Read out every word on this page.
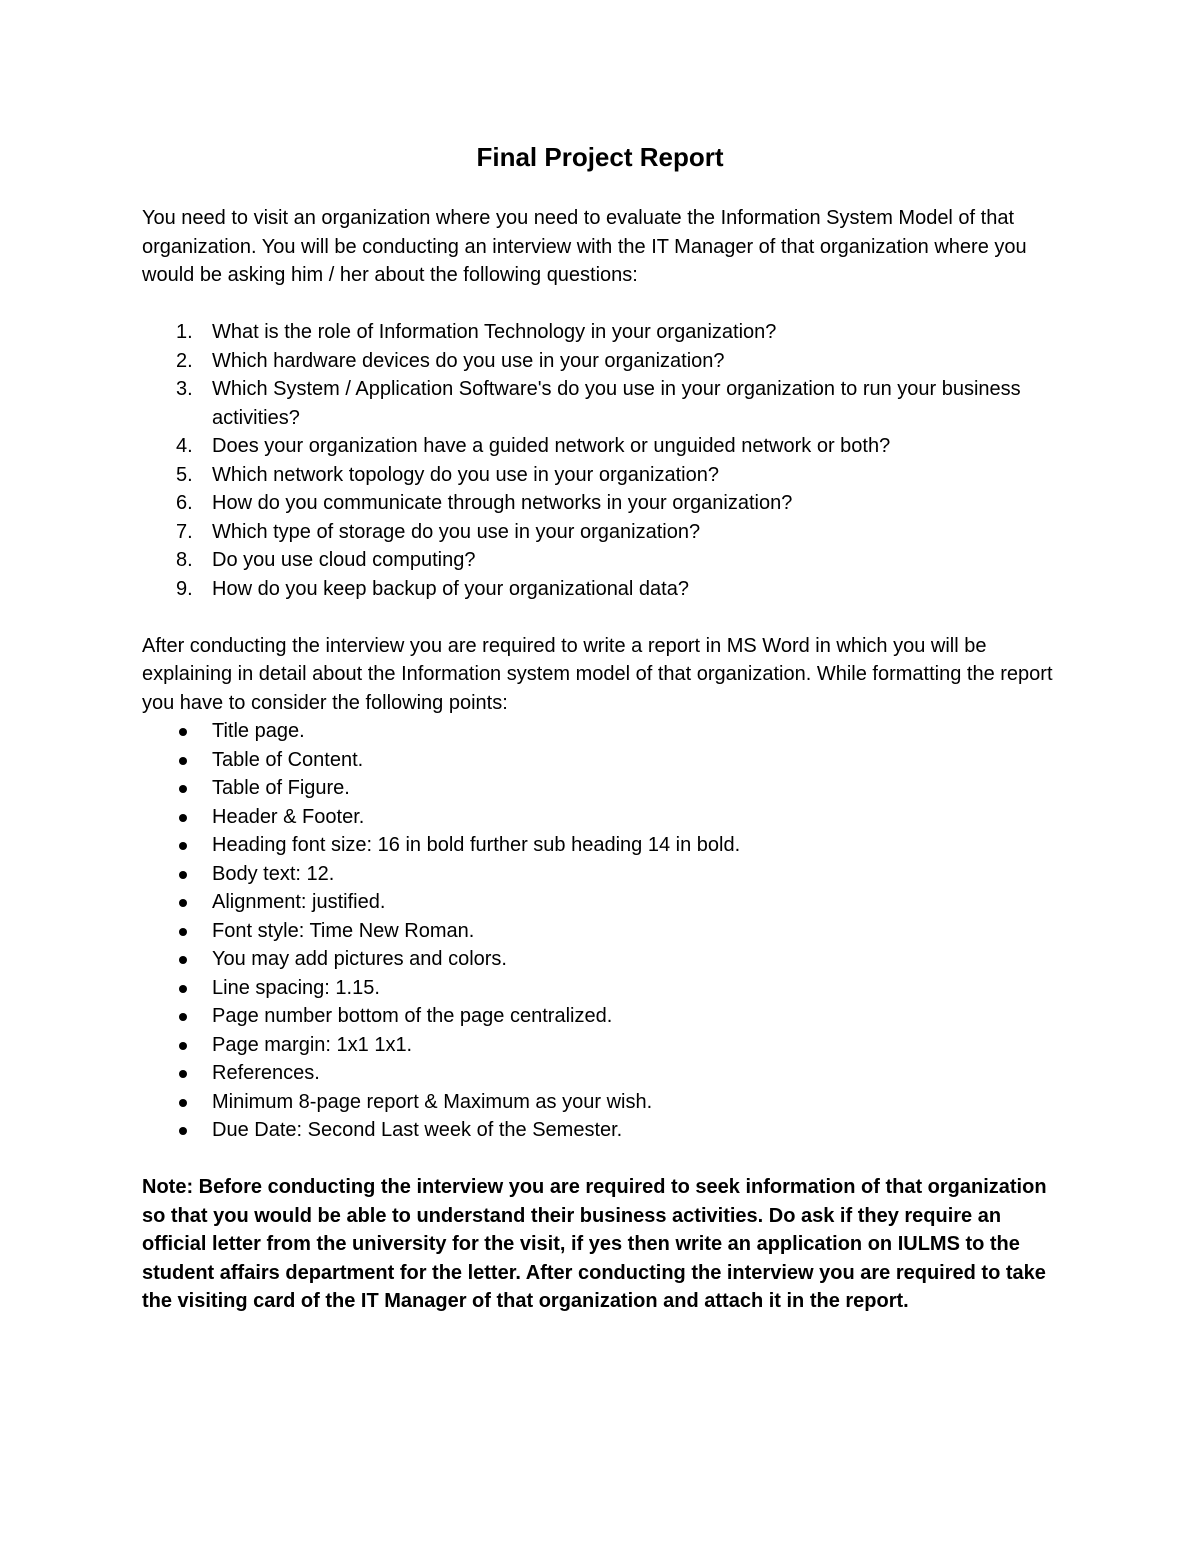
Final Project Report

You need to visit an organization where you need to evaluate the Information System Model of that organization. You will be conducting an interview with the IT Manager of that organization where you would be asking him / her about the following questions:

1. What is the role of Information Technology in your organization?
2. Which hardware devices do you use in your organization?
3. Which System / Application Software's do you use in your organization to run your business activities?
4. Does your organization have a guided network or unguided network or both?
5. Which network topology do you use in your organization?
6. How do you communicate through networks in your organization?
7. Which type of storage do you use in your organization?
8. Do you use cloud computing?
9. How do you keep backup of your organizational data?

After conducting the interview you are required to write a report in MS Word in which you will be explaining in detail about the Information system model of that organization. While formatting the report you have to consider the following points:

Title page.
Table of Content.
Table of Figure.
Header & Footer.
Heading font size: 16 in bold further sub heading 14 in bold.
Body text: 12.
Alignment: justified.
Font style: Time New Roman.
You may add pictures and colors.
Line spacing: 1.15.
Page number bottom of the page centralized.
Page margin: 1x1 1x1.
References.
Minimum 8-page report & Maximum as your wish.
Due Date: Second Last week of the Semester.

Note: Before conducting the interview you are required to seek information of that organization so that you would be able to understand their business activities. Do ask if they require an official letter from the university for the visit, if yes then write an application on IULMS to the student affairs department for the letter. After conducting the interview you are required to take the visiting card of the IT Manager of that organization and attach it in the report.
